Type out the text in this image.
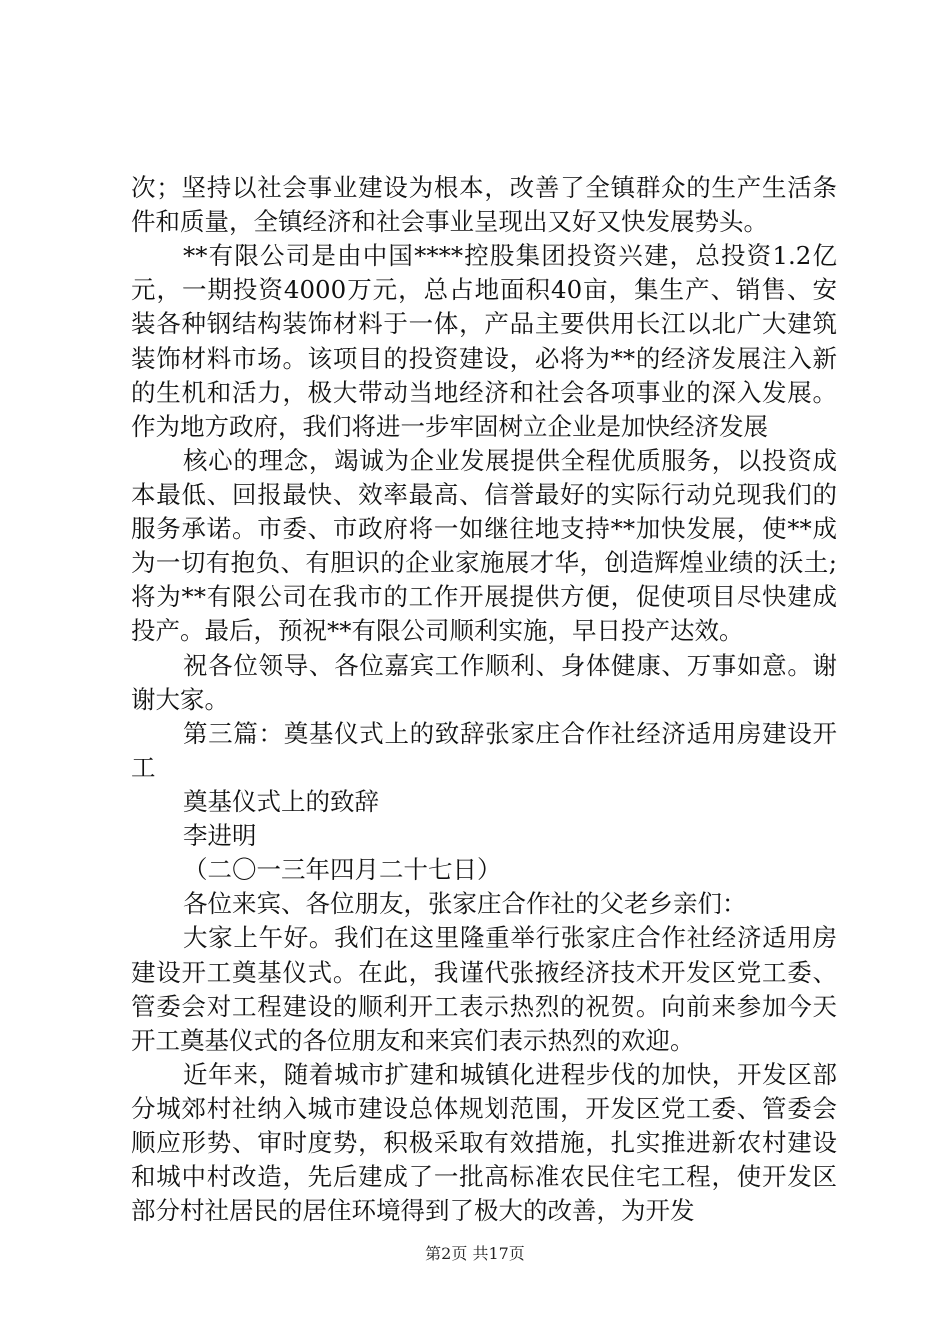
次；坚持以社会事业建设为根本，改善了全镇群众的生产生活条件和质量，全镇经济和社会事业呈现出又好又快发展势头。

**有限公司是由中国****控股集团投资兴建，总投资1.2亿元，一期投资4000万元，总占地面积40亩，集生产、销售、安装各种钢结构装饰材料于一体，产品主要供用长江以北广大建筑装饰材料市场。该项目的投资建设，必将为**的经济发展注入新的生机和活力，极大带动当地经济和社会各项事业的深入发展。作为地方政府，我们将进一步牢固树立企业是加快经济发展

核心的理念，竭诚为企业发展提供全程优质服务，以投资成本最低、回报最快、效率最高、信誉最好的实际行动兑现我们的服务承诺。市委、市政府将一如继往地支持**加快发展，使**成为一切有抱负、有胆识的企业家施展才华，创造辉煌业绩的沃土;将为**有限公司在我市的工作开展提供方便，促使项目尽快建成投产。最后，预祝**有限公司顺利实施，早日投产达效。

祝各位领导、各位嘉宾工作顺利、身体健康、万事如意。谢谢大家。

第三篇：奠基仪式上的致辞张家庄合作社经济适用房建设开工

奠基仪式上的致辞

李进明

（二〇一三年四月二十七日）

各位来宾、各位朋友，张家庄合作社的父老乡亲们：

大家上午好。我们在这里隆重举行张家庄合作社经济适用房建设开工奠基仪式。在此，我谨代张掖经济技术开发区党工委、管委会对工程建设的顺利开工表示热烈的祝贺。向前来参加今天开工奠基仪式的各位朋友和来宾们表示热烈的欢迎。

近年来，随着城市扩建和城镇化进程步伐的加快，开发区部分城郊村社纳入城市建设总体规划范围，开发区党工委、管委会顺应形势、审时度势，积极采取有效措施，扎实推进新农村建设和城中村改造，先后建成了一批高标准农民住宅工程，使开发区部分村社居民的居住环境得到了极大的改善，为开发

第2页 共17页
